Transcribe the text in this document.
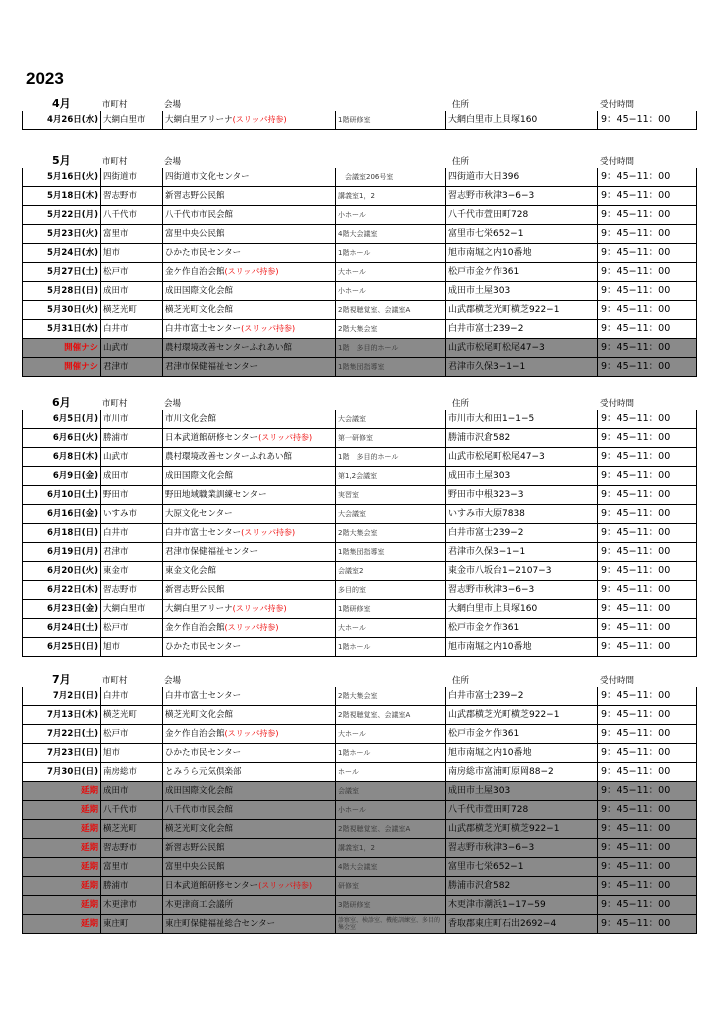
2023
4月	市町村	会場	住所	受付時間
4月26日(水)	大網白里市	大網白里アリーナ(スリッパ持参)	1階研修室	大網白里市上貝塚160	9：45−11：00
5月	市町村	会場	住所	受付時間
5月16日(火)	四街道市	四街道市文化センター	　会議室206号室	四街道市大日396	9：45−11：00
5月18日(木)	習志野市	新習志野公民館	講義室1，2	習志野市秋津3−6−3	9：45−11：00
5月22日(月)	八千代市	八千代市市民会館	小ホール	八千代市萱田町728	9：45−11：00
5月23日(火)	富里市	富里中央公民館	4階大会議室	富里市七栄652−1	9：45−11：00
5月24日(水)	旭市	ひかた市民センター	1階ホール	旭市南堀之内10番地	9：45−11：00
5月27日(土)	松戸市	金ケ作自治会館(スリッパ持参)	大ホール	松戸市金ケ作361	9：45−11：00
5月28日(日)	成田市	成田国際文化会館	小ホール	成田市土屋303	9：45−11：00
5月30日(火)	横芝光町	横芝光町文化会館	2階視聴覚室、会議室A	山武郡横芝光町横芝922−1	9：45−11：00
5月31日(水)	白井市	白井市富士センター(スリッパ持参)	2階大集会室	白井市富士239−2	9：45−11：00
開催ナシ	山武市	農村環境改善センターふれあい館	1階　多目的ホール	山武市松尾町松尾47−3	9：45−11：00
開催ナシ	君津市	君津市保健福祉センター	1階集団指導室	君津市久保3−1−1	9：45−11：00
6月	市町村	会場	住所	受付時間
6月5日(月)	市川市	市川文化会館	大会議室	市川市大和田1−1−5	9：45−11：00
6月6日(火)	勝浦市	日本武道館研修センター(スリッパ持参)	第一研修室	勝浦市沢倉582	9：45−11：00
6月8日(木)	山武市	農村環境改善センターふれあい館	1階　多目的ホール	山武市松尾町松尾47−3	9：45−11：00
6月9日(金)	成田市	成田国際文化会館	第1,2会議室	成田市土屋303	9：45−11：00
6月10日(土)	野田市	野田地域職業訓練センター	実習室	野田市中根323−3	9：45−11：00
6月16日(金)	いすみ市	大原文化センター	大会議室	いすみ市大原7838	9：45−11：00
6月18日(日)	白井市	白井市富士センター(スリッパ持参)	2階大集会室	白井市富士239−2	9：45−11：00
6月19日(月)	君津市	君津市保健福祉センター	1階集団指導室	君津市久保3−1−1	9：45−11：00
6月20日(火)	東金市	東金文化会館	会議室2	東金市八坂台1−2107−3	9：45−11：00
6月22日(木)	習志野市	新習志野公民館	多目的室	習志野市秋津3−6−3	9：45−11：00
6月23日(金)	大網白里市	大網白里アリーナ(スリッパ持参)	1階研修室	大網白里市上貝塚160	9：45−11：00
6月24日(土)	松戸市	金ケ作自治会館(スリッパ持参)	大ホール	松戸市金ケ作361	9：45−11：00
6月25日(日)	旭市	ひかた市民センター	1階ホール	旭市南堀之内10番地	9：45−11：00
7月	市町村	会場	住所	受付時間
7月2日(日)	白井市	白井市富士センター	2階大集会室	白井市富士239−2	9：45−11：00
7月13日(木)	横芝光町	横芝光町文化会館	2階視聴覚室、会議室A	山武郡横芝光町横芝922−1	9：45−11：00
7月22日(土)	松戸市	金ケ作自治会館(スリッパ持参)	大ホール	松戸市金ケ作361	9：45−11：00
7月23日(日)	旭市	ひかた市民センター	1階ホール	旭市南堀之内10番地	9：45−11：00
7月30日(日)	南房総市	とみうら元気倶楽部	ホール	南房総市富浦町原岡88−2	9：45−11：00
延期	成田市	成田国際文化会館	会議室	成田市土屋303	9：45−11：00
延期	八千代市	八千代市市民会館	小ホール	八千代市萱田町728	9：45−11：00
延期	横芝光町	横芝光町文化会館	2階視聴覚室、会議室A	山武郡横芝光町横芝922−1	9：45−11：00
延期	習志野市	新習志野公民館	講義室1，2	習志野市秋津3−6−3	9：45−11：00
延期	富里市	富里中央公民館	4階大会議室	富里市七栄652−1	9：45−11：00
延期	勝浦市	日本武道館研修センター(スリッパ持参)	研修室	勝浦市沢倉582	9：45−11：00
延期	木更津市	木更津商工会議所	3階研修室	木更津市潮浜1−17−59	9：45−11：00
延期	東庄町	東庄町保健福祉総合センター	診察室、検診室、機能訓練室、多目的集会室	香取郡東庄町石出2692−4	9：45−11：00
